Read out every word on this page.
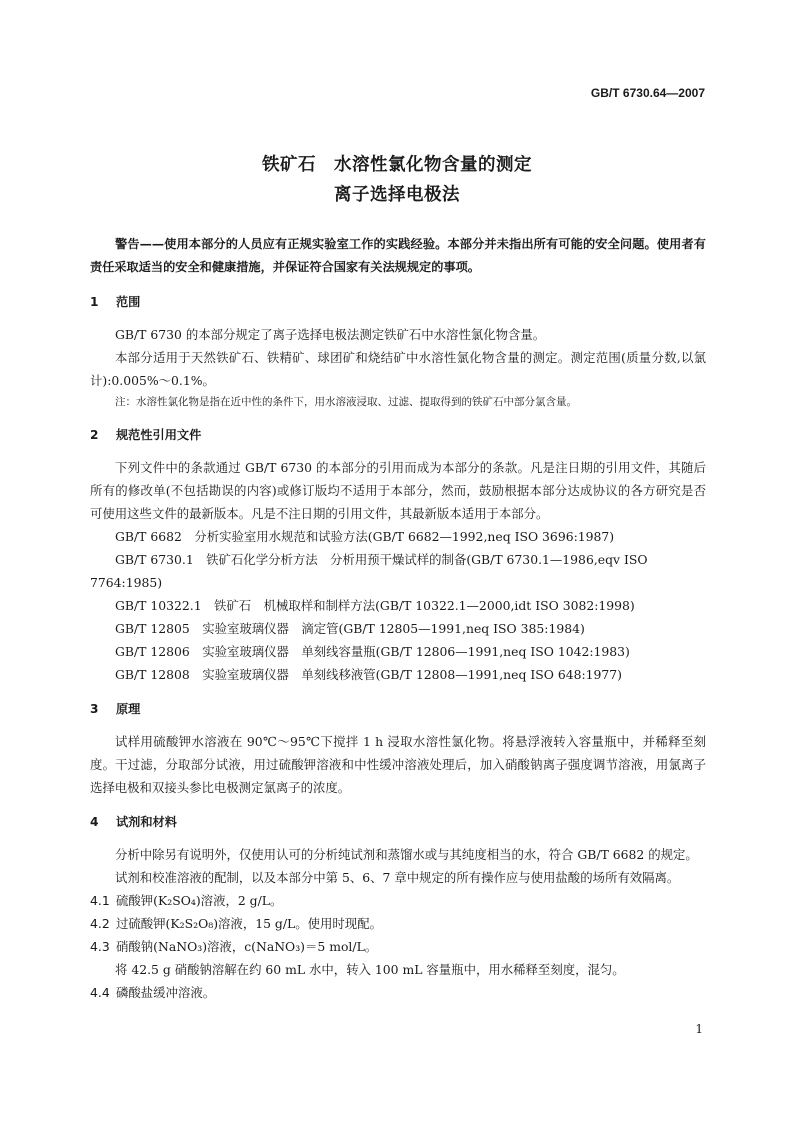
GB/T 6730.64—2007
铁矿石　水溶性氯化物含量的测定
离子选择电极法
警告——使用本部分的人员应有正规实验室工作的实践经验。本部分并未指出所有可能的安全问题。使用者有责任采取适当的安全和健康措施，并保证符合国家有关法规规定的事项。
1 范围
GB/T 6730 的本部分规定了离子选择电极法测定铁矿石中水溶性氯化物含量。
本部分适用于天然铁矿石、铁精矿、球团矿和烧结矿中水溶性氯化物含量的测定。测定范围(质量分数,以氯计):0.005%～0.1%。
注：水溶性氯化物是指在近中性的条件下，用水溶液浸取、过滤、提取得到的铁矿石中部分氯含量。
2 规范性引用文件
下列文件中的条款通过 GB/T 6730 的本部分的引用而成为本部分的条款。凡是注日期的引用文件，其随后所有的修改单(不包括勘误的内容)或修订版均不适用于本部分，然而，鼓励根据本部分达成协议的各方研究是否可使用这些文件的最新版本。凡是不注日期的引用文件，其最新版本适用于本部分。
GB/T 6682　分析实验室用水规范和试验方法(GB/T 6682—1992,neq ISO 3696:1987)
GB/T 6730.1　铁矿石化学分析方法　分析用预干燥试样的制备(GB/T 6730.1—1986,eqv ISO
7764:1985)
GB/T 10322.1　铁矿石　机械取样和制样方法(GB/T 10322.1—2000,idt ISO 3082:1998)
GB/T 12805　实验室玻璃仪器　滴定管(GB/T 12805—1991,neq ISO 385:1984)
GB/T 12806　实验室玻璃仪器　单刻线容量瓶(GB/T 12806—1991,neq ISO 1042:1983)
GB/T 12808　实验室玻璃仪器　单刻线移液管(GB/T 12808—1991,neq ISO 648:1977)
3 原理
试样用硫酸钾水溶液在 90℃～95℃下搅拌 1 h 浸取水溶性氯化物。将悬浮液转入容量瓶中，并稀释至刻度。干过滤，分取部分试液，用过硫酸钾溶液和中性缓冲溶液处理后，加入硝酸钠离子强度调节溶液，用氯离子选择电极和双接头参比电极测定氯离子的浓度。
4 试剂和材料
分析中除另有说明外，仅使用认可的分析纯试剂和蒸馏水或与其纯度相当的水，符合 GB/T 6682 的规定。
试剂和校准溶液的配制，以及本部分中第 5、6、7 章中规定的所有操作应与使用盐酸的场所有效隔离。
4.1 硫酸钾(K₂SO₄)溶液，2 g/L。
4.2 过硫酸钾(K₂S₂O₈)溶液，15 g/L。使用时现配。
4.3 硝酸钠(NaNO₃)溶液，c(NaNO₃)＝5 mol/L。
将 42.5 g 硝酸钠溶解在约 60 mL 水中，转入 100 mL 容量瓶中，用水稀释至刻度，混匀。
4.4 磷酸盐缓冲溶液。
1
